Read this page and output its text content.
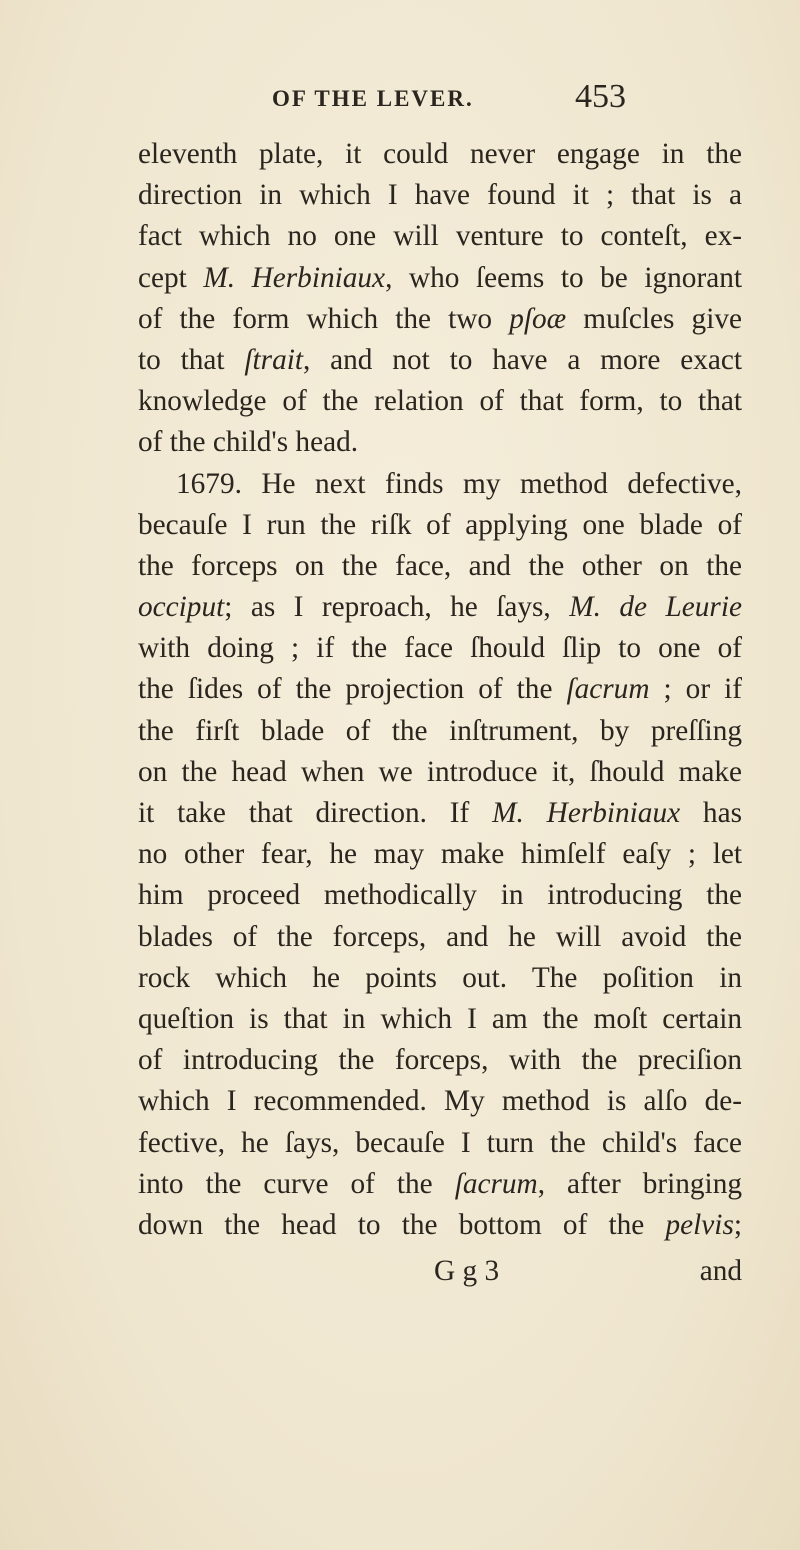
OF THE LEVER.	453
eleventh plate, it could never engage in the
direction in which I have found it ; that is a
fact which no one will venture to conteſt, ex-
cept M. Herbiniaux, who ſeems to be ignorant
of the form which the two pſoæ muſcles give
to that ſtrait, and not to have a more exact
knowledge of the relation of that form, to that
of the child's head.
1679. He next finds my method defective,
becauſe I run the riſk of applying one blade of
the forceps on the face, and the other on the
occiput; as I reproach, he ſays, M. de Leurie
with doing ; if the face ſhould ſlip to one of
the ſides of the projection of the ſacrum ; or if
the firſt blade of the inſtrument, by preſſing
on the head when we introduce it, ſhould make
it take that direction. If M. Herbiniaux has
no other fear, he may make himſelf eaſy ; let
him proceed methodically in introducing the
blades of the forceps, and he will avoid the
rock which he points out. The poſition in
queſtion is that in which I am the moſt certain
of introducing the forceps, with the preciſion
which I recommended. My method is alſo de-
fective, he ſays, becauſe I turn the child's face
into the curve of the ſacrum, after bringing
down the head to the bottom of the pelvis;
G g 3	and
